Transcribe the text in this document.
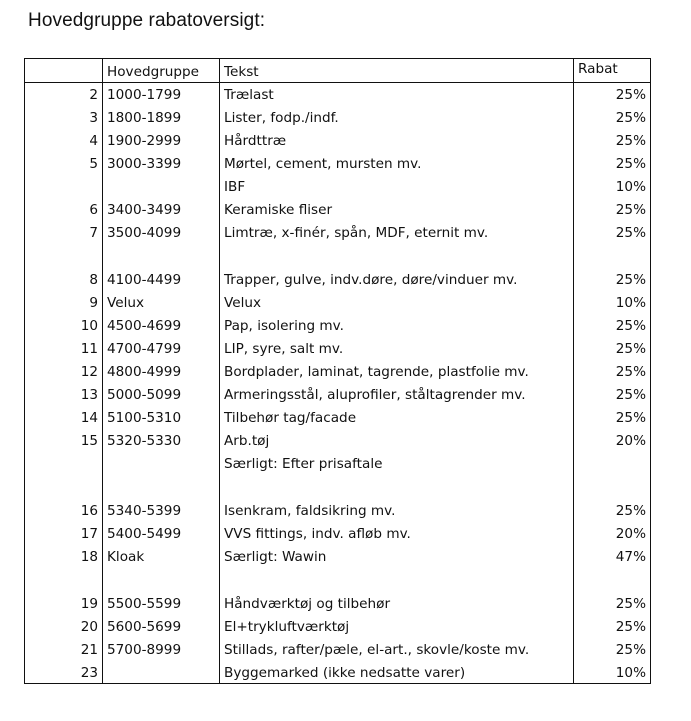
Hovedgruppe rabatoversigt:
	Hovedgruppe	Tekst	Rabat
2	1000-1799	Trælast	25%
3	1800-1899	Lister, fodp./indf.	25%
4	1900-2999	Hårdttræ	25%
5	3000-3399	Mørtel, cement, mursten mv.	25%
		IBF	10%
6	3400-3499	Keramiske fliser	25%
7	3500-4099	Limtræ, x-finér, spån, MDF, eternit mv.	25%

8	4100-4499	Trapper, gulve, indv.døre, døre/vinduer mv.	25%
9	Velux	Velux	10%
10	4500-4699	Pap, isolering mv.	25%
11	4700-4799	LIP, syre, salt mv.	25%
12	4800-4999	Bordplader, laminat, tagrende, plastfolie mv.	25%
13	5000-5099	Armeringsstål, aluprofiler, ståltagrender mv.	25%
14	5100-5310	Tilbehør tag/facade	25%
15	5320-5330	Arb.tøj	20%
		Særligt: Efter prisaftale	

16	5340-5399	Isenkram, faldsikring mv.	25%
17	5400-5499	VVS fittings, indv. afløb mv.	20%
18	Kloak	Særligt: Wawin	47%

19	5500-5599	Håndværktøj og tilbehør	25%
20	5600-5699	El+trykluftværktøj	25%
21	5700-8999	Stillads, rafter/pæle, el-art., skovle/koste mv.	25%
23		Byggemarked (ikke nedsatte varer)	10%
